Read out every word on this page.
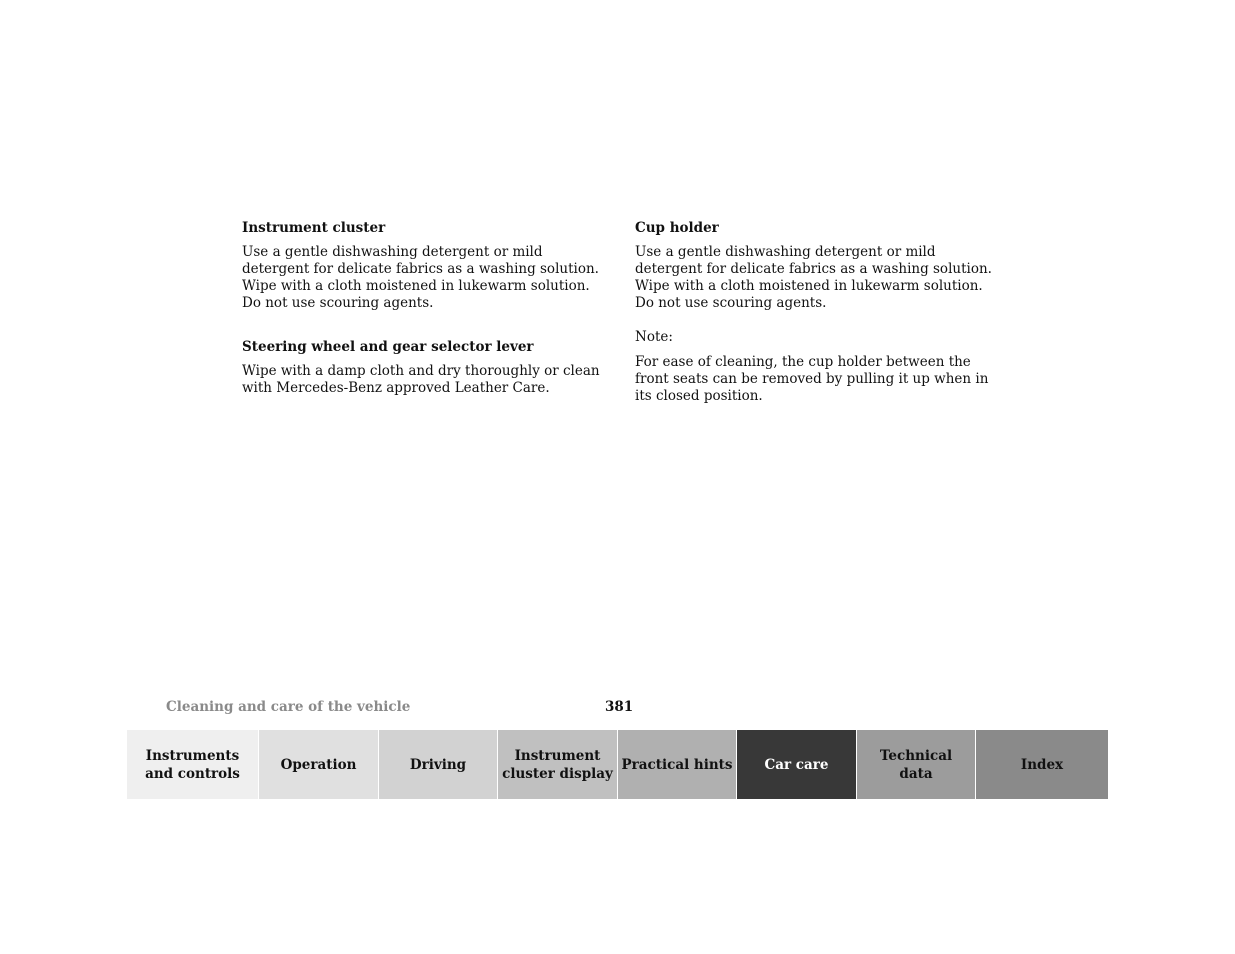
Instrument cluster

Use a gentle dishwashing detergent or mild detergent for delicate fabrics as a washing solution. Wipe with a cloth moistened in lukewarm solution. Do not use scouring agents.

Steering wheel and gear selector lever

Wipe with a damp cloth and dry thoroughly or clean with Mercedes-Benz approved Leather Care.

Cup holder

Use a gentle dishwashing detergent or mild detergent for delicate fabrics as a washing solution. Wipe with a cloth moistened in lukewarm solution. Do not use scouring agents.

Note:

For ease of cleaning, the cup holder between the front seats can be removed by pulling it up when in its closed position.

Cleaning and care of the vehicle	381
Instruments
and controls
Operation	Driving
Instrument
cluster display
Practical hints	Car care
Technical
data
Index
